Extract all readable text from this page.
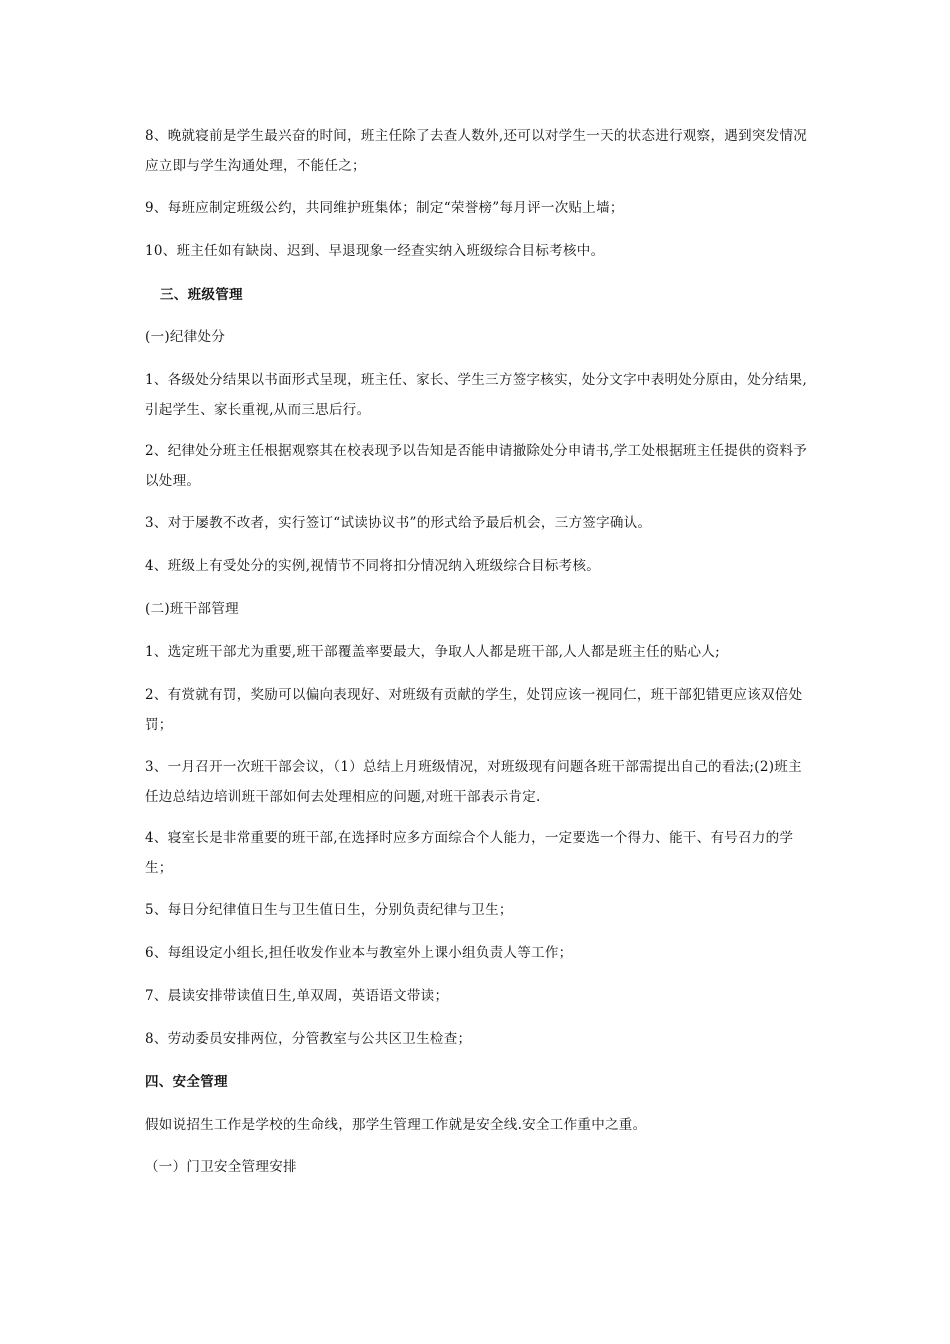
8、晚就寝前是学生最兴奋的时间，班主任除了去查人数外,还可以对学生一天的状态进行观察，遇到突发情况应立即与学生沟通处理，不能任之；

9、每班应制定班级公约，共同维护班集体；制定“荣誉榜”每月评一次贴上墙；

10、班主任如有缺岗、迟到、早退现象一经查实纳入班级综合目标考核中。

三、班级管理

(一)纪律处分

1、各级处分结果以书面形式呈现，班主任、家长、学生三方签字核实，处分文字中表明处分原由，处分结果,引起学生、家长重视,从而三思后行。

2、纪律处分班主任根据观察其在校表现予以告知是否能申请撤除处分申请书,学工处根据班主任提供的资料予以处理。

3、对于屡教不改者，实行签订“试读协议书”的形式给予最后机会，三方签字确认。

4、班级上有受处分的实例,视情节不同将扣分情况纳入班级综合目标考核。

(二)班干部管理

1、选定班干部尤为重要,班干部覆盖率要最大，争取人人都是班干部,人人都是班主任的贴心人;

2、有赏就有罚，奖励可以偏向表现好、对班级有贡献的学生，处罚应该一视同仁，班干部犯错更应该双倍处罚；

3、一月召开一次班干部会议，（1）总结上月班级情况，对班级现有问题各班干部需提出自己的看法;(2)班主任边总结边培训班干部如何去处理相应的问题,对班干部表示肯定.

4、寝室长是非常重要的班干部,在选择时应多方面综合个人能力，一定要选一个得力、能干、有号召力的学生；

5、每日分纪律值日生与卫生值日生，分别负责纪律与卫生；

6、每组设定小组长,担任收发作业本与教室外上课小组负责人等工作；

7、晨读安排带读值日生,单双周，英语语文带读；

8、劳动委员安排两位，分管教室与公共区卫生检查；

四、安全管理

假如说招生工作是学校的生命线，那学生管理工作就是安全线.安全工作重中之重。

（一）门卫安全管理安排
